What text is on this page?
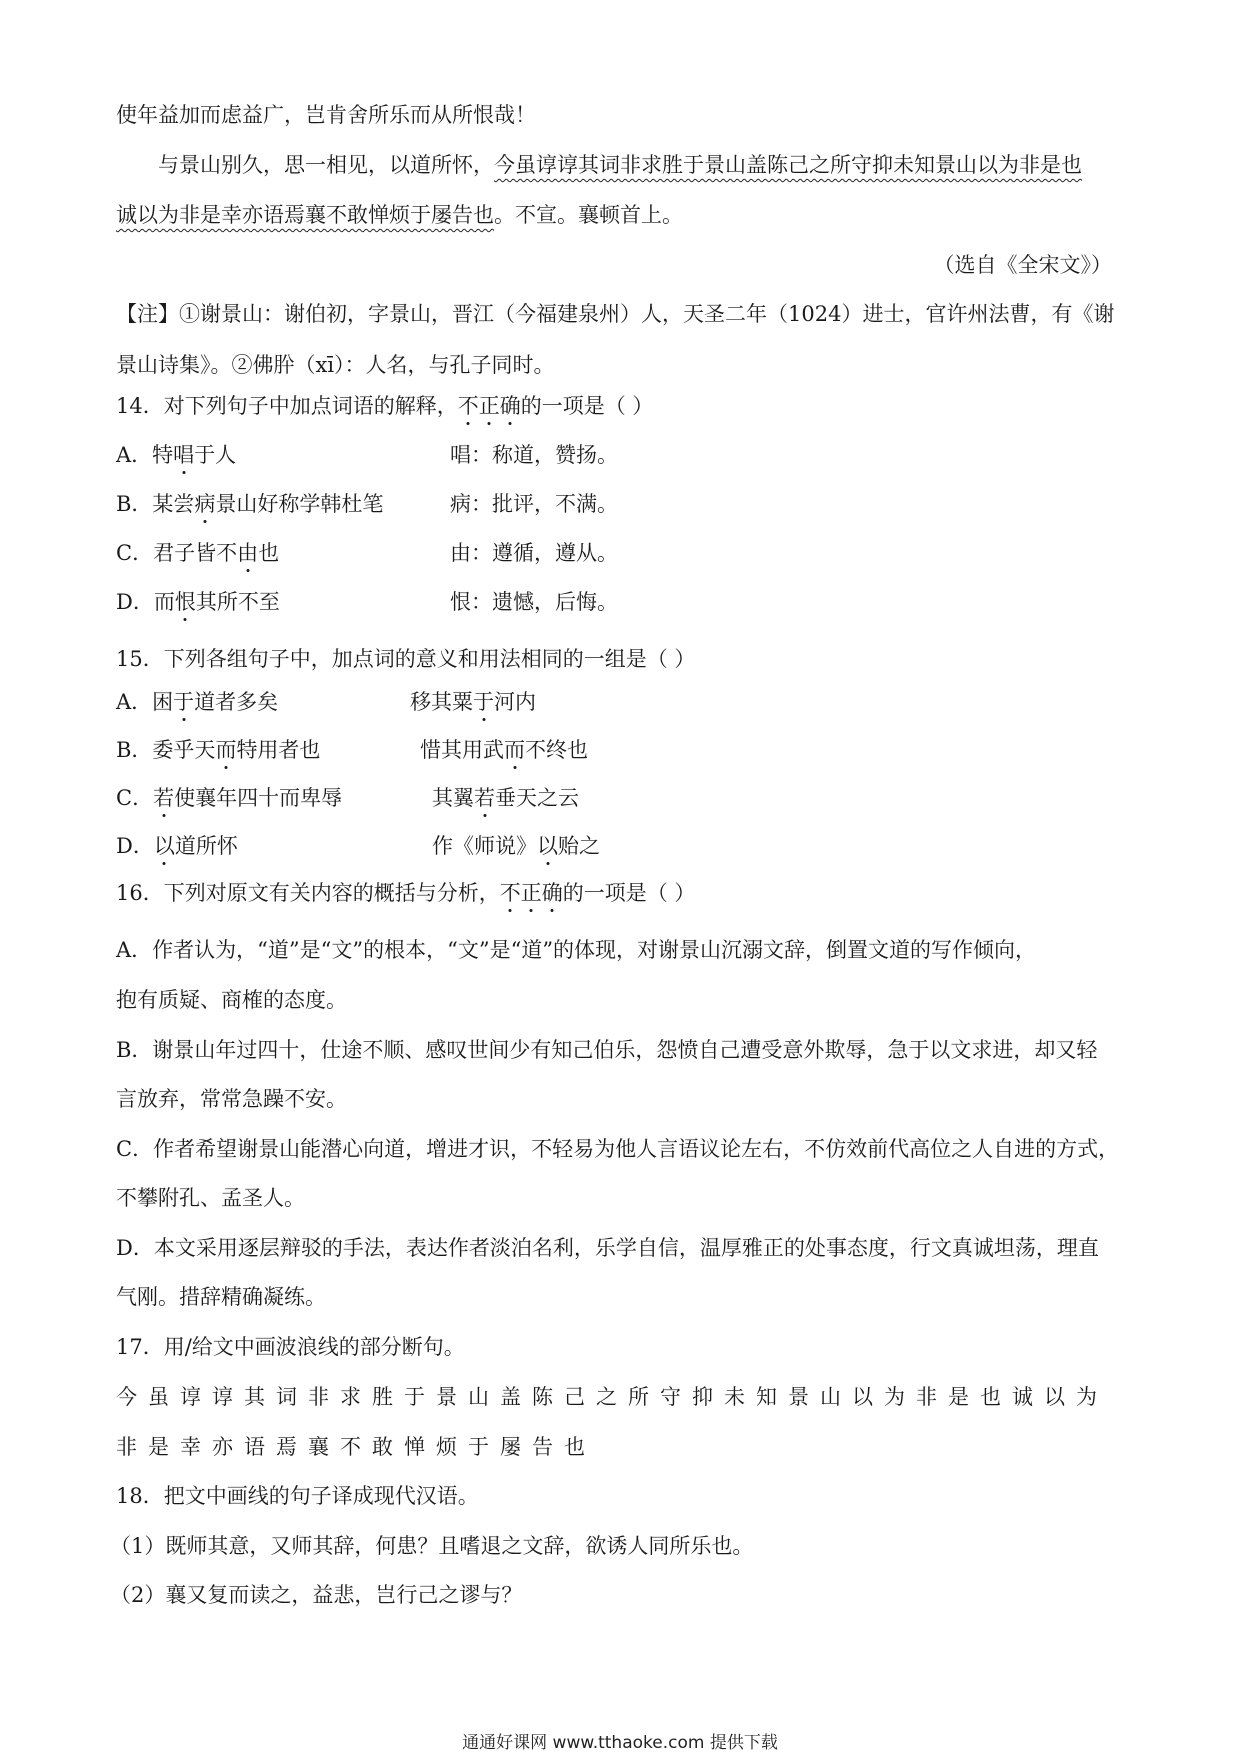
使年益加而虑益广，岂肯舍所乐而从所恨哉！
与景山别久，思一相见，以道所怀，今虽谆谆其词非求胜于景山盖陈己之所守抑未知景山以为非是也
诚以为非是幸亦语焉襄不敢惮烦于屡告也。不宣。襄顿首上。
（选自《全宋文》）
【注】①谢景山：谢伯初，字景山，晋江（今福建泉州）人，天圣二年（1024）进士，官许州法曹，有《谢
景山诗集》。②佛肸（xī）：人名，与孔子同时。
14．对下列句子中加点词语的解释，不正确的一项是（ ）
A．特唱于人	唱：称道，赞扬。
B．某尝病景山好称学韩杜笔	病：批评，不满。
C．君子皆不由也	由：遵循，遵从。
D．而恨其所不至	恨：遗憾，后悔。
15．下列各组句子中，加点词的意义和用法相同的一组是（ ）
A．困于道者多矣	移其粟于河内
B．委乎天而特用者也	惜其用武而不终也
C．若使襄年四十而卑辱	其翼若垂天之云
D．以道所怀	作《师说》以贻之
16．下列对原文有关内容的概括与分析，不正确的一项是（ ）
A．作者认为，“道”是“文”的根本，“文”是“道”的体现，对谢景山沉溺文辞，倒置文道的写作倾向，
抱有质疑、商榷的态度。
B．谢景山年过四十，仕途不顺、感叹世间少有知己伯乐，怨愤自己遭受意外欺辱，急于以文求进，却又轻
言放弃，常常急躁不安。
C．作者希望谢景山能潜心向道，增进才识，不轻易为他人言语议论左右，不仿效前代高位之人自进的方式，
不攀附孔、孟圣人。
D．本文采用逐层辩驳的手法，表达作者淡泊名利，乐学自信，温厚雅正的处事态度，行文真诚坦荡，理直
气刚。措辞精确凝练。
17．用/给文中画波浪线的部分断句。
今虽谆谆其词非求胜于景山盖陈己之所守抑未知景山以为非是也诚以为
非是幸亦语焉襄不敢惮烦于屡告也
18．把文中画线的句子译成现代汉语。
（1）既师其意，又师其辞，何患？且嗜退之文辞，欲诱人同所乐也。
（2）襄又复而读之，益悲，岂行己之谬与？
通通好课网 www.tthaoke.com 提供下载
